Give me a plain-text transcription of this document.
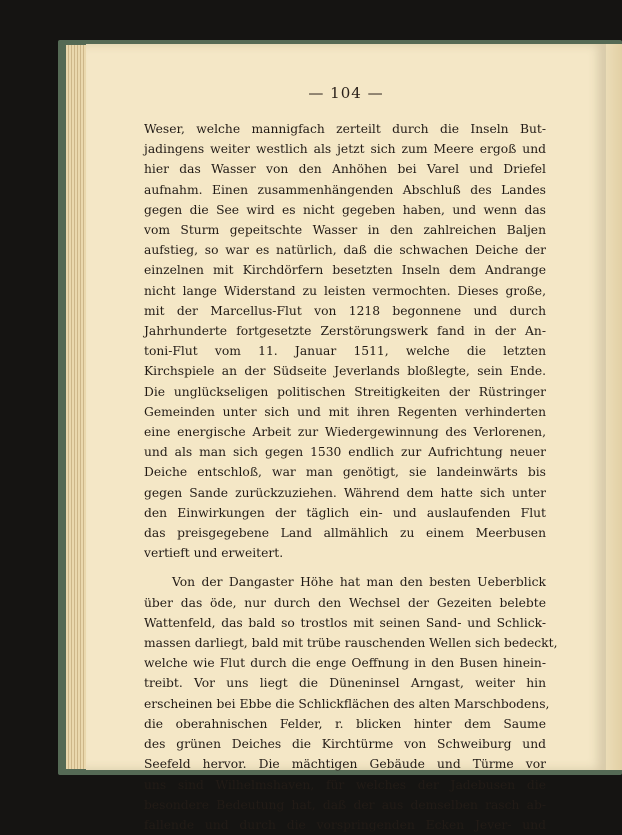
— 104 —

Weser, welche mannigfach zerteilt durch die Inseln But-
jadingens weiter westlich als jetzt sich zum Meere ergoß und
hier das Wasser von den Anhöhen bei Varel und Driefel
aufnahm. Einen zusammenhängenden Abschluß des Landes
gegen die See wird es nicht gegeben haben, und wenn das
vom Sturm gepeitschte Wasser in den zahlreichen Baljen
aufstieg, so war es natürlich, daß die schwachen Deiche der
einzelnen mit Kirchdörfern besetzten Inseln dem Andrange
nicht lange Widerstand zu leisten vermochten. Dieses große,
mit der Marcellus-Flut von 1218 begonnene und durch
Jahrhunderte fortgesetzte Zerstörungswerk fand in der An-
toni-Flut vom 11. Januar 1511, welche die letzten
Kirchspiele an der Südseite Jeverlands bloßlegte, sein Ende.
Die unglückseligen politischen Streitigkeiten der Rüstringer
Gemeinden unter sich und mit ihren Regenten verhinderten
eine energische Arbeit zur Wiedergewinnung des Verlorenen,
und als man sich gegen 1530 endlich zur Aufrichtung neuer
Deiche entschloß, war man genötigt, sie landeinwärts bis
gegen Sande zurückzuziehen. Während dem hatte sich unter
den Einwirkungen der täglich ein- und auslaufenden Flut
das preisgegebene Land allmählich zu einem Meerbusen
vertieft und erweitert.

Von der Dangaster Höhe hat man den besten Ueberblick
über das öde, nur durch den Wechsel der Gezeiten belebte
Wattenfeld, das bald so trostlos mit seinen Sand- und Schlick-
massen darliegt, bald mit trübe rauschenden Wellen sich bedeckt,
welche wie Flut durch die enge Oeffnung in den Busen hinein-
treibt. Vor uns liegt die Düneninsel Arngast, weiter hin
erscheinen bei Ebbe die Schlickflächen des alten Marschbodens,
die oberahnischen Felder, r. blicken hinter dem Saume
des grünen Deiches die Kirchtürme von Schweiburg und
Seefeld hervor. Die mächtigen Gebäude und Türme vor
uns sind Wilhelmshaven, für welches der Jadebusen die
besondere Bedeutung hat, daß der aus demselben rasch ab-
fallende und durch die vorspringenden Ecken Jever- und
